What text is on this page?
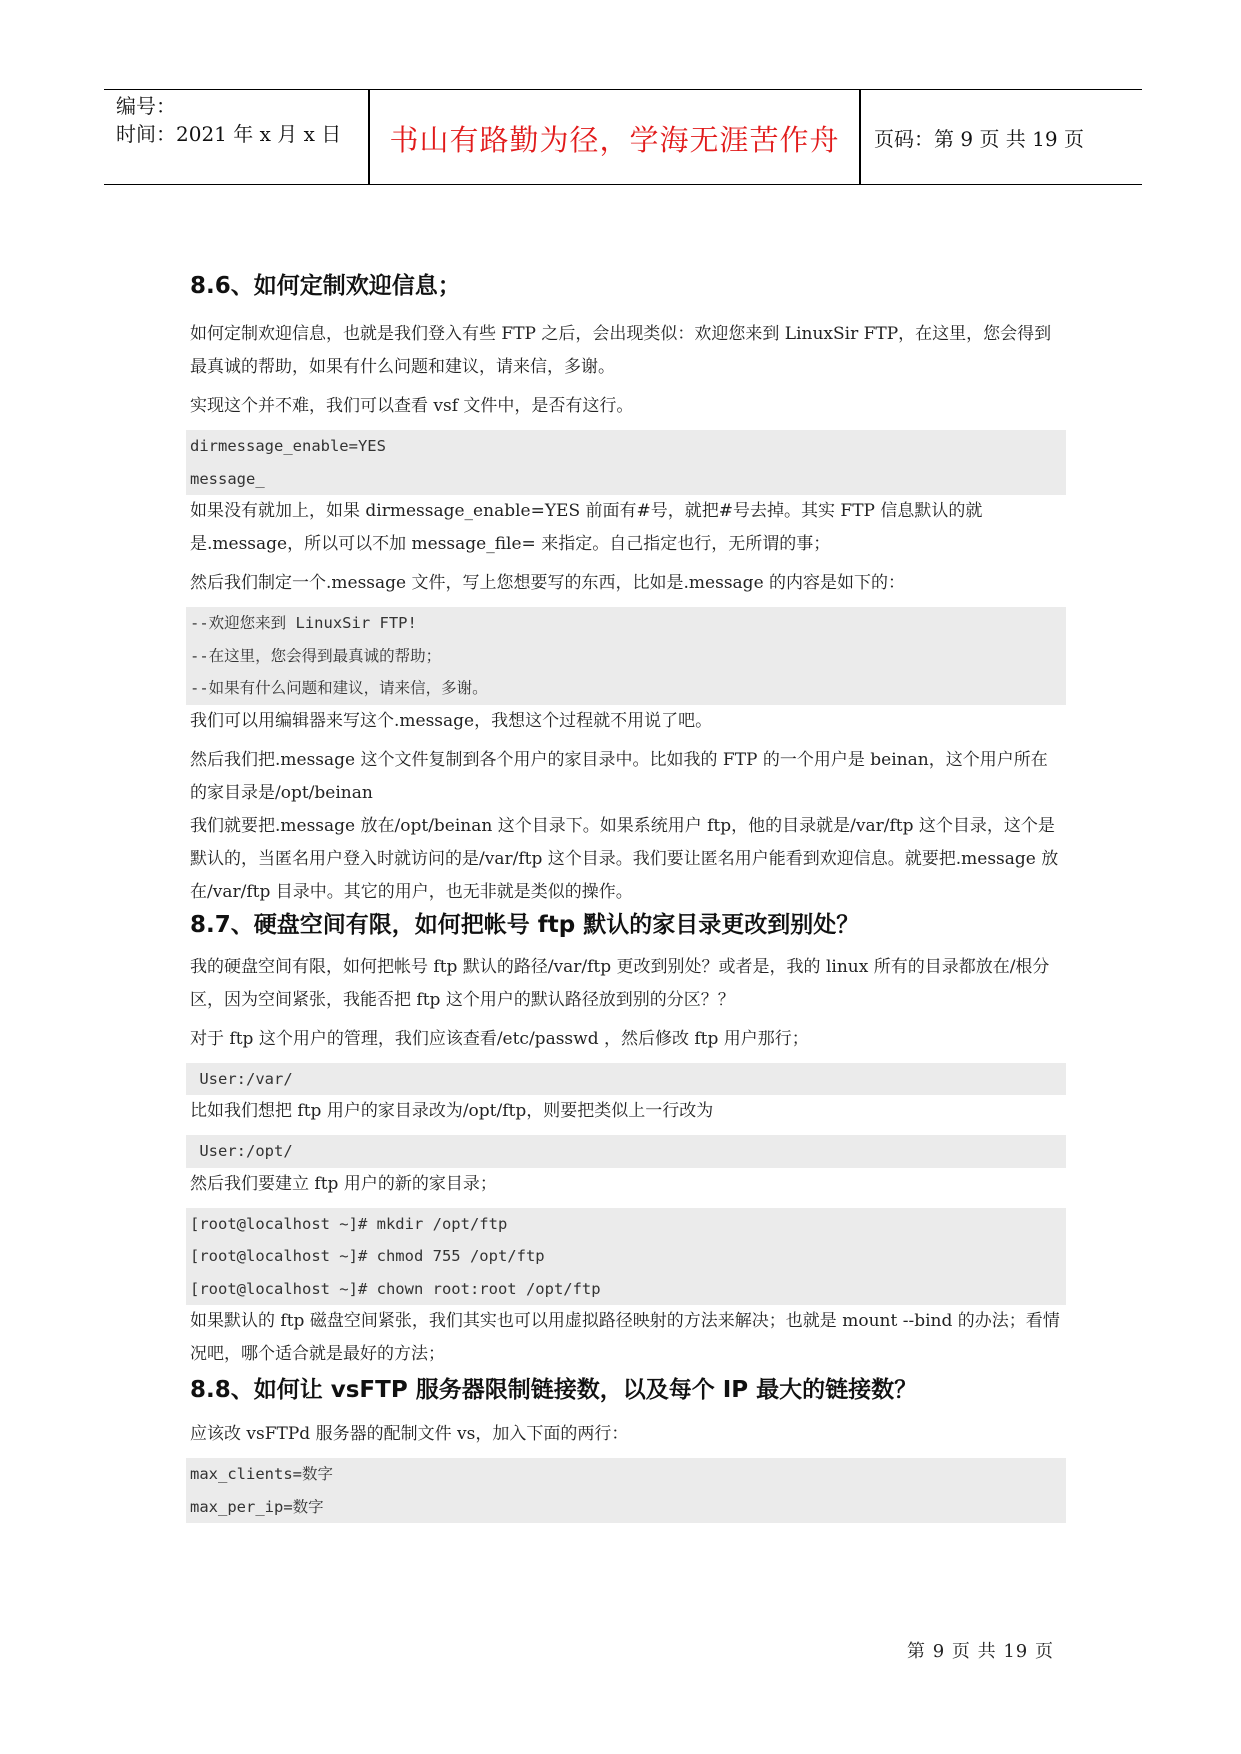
编号：
时间：2021 年 x 月 x 日	书山有路勤为径，学海无涯苦作舟	页码：第 9 页 共 19 页
8.6、如何定制欢迎信息；

如何定制欢迎信息，也就是我们登入有些 FTP 之后，会出现类似：欢迎您来到 LinuxSir FTP，在这里，您会得到最真诚的帮助，如果有什么问题和建议，请来信，多谢。

实现这个并不难，我们可以查看 vsf 文件中，是否有这行。

dirmessage_enable=YES
message_

如果没有就加上，如果 dirmessage_enable=YES 前面有#号，就把#号去掉。其实 FTP 信息默认的就是.message，所以可以不加 message_file= 来指定。自己指定也行，无所谓的事；

然后我们制定一个.message 文件，写上您想要写的东西，比如是.message 的内容是如下的：

--欢迎您来到 LinuxSir FTP!
--在这里，您会得到最真诚的帮助；
--如果有什么问题和建议，请来信，多谢。

我们可以用编辑器来写这个.message，我想这个过程就不用说了吧。

然后我们把.message 这个文件复制到各个用户的家目录中。比如我的 FTP 的一个用户是 beinan，这个用户所在的家目录是/opt/beinan

我们就要把.message 放在/opt/beinan 这个目录下。如果系统用户 ftp，他的目录就是/var/ftp 这个目录，这个是默认的，当匿名用户登入时就访问的是/var/ftp 这个目录。我们要让匿名用户能看到欢迎信息。就要把.message 放在/var/ftp 目录中。其它的用户，也无非就是类似的操作。

8.7、硬盘空间有限，如何把帐号 ftp 默认的家目录更改到别处？

我的硬盘空间有限，如何把帐号 ftp 默认的路径/var/ftp 更改到别处？或者是，我的 linux 所有的目录都放在/根分区，因为空间紧张，我能否把 ftp 这个用户的默认路径放到别的分区？？

对于 ftp 这个用户的管理，我们应该查看/etc/passwd ，然后修改 ftp 用户那行；

User:/var/

比如我们想把 ftp 用户的家目录改为/opt/ftp，则要把类似上一行改为

User:/opt/

然后我们要建立 ftp 用户的新的家目录；

[root@localhost ~]# mkdir /opt/ftp
[root@localhost ~]# chmod 755 /opt/ftp
[root@localhost ~]# chown root:root /opt/ftp

如果默认的 ftp 磁盘空间紧张，我们其实也可以用虚拟路径映射的方法来解决；也就是 mount --bind 的办法；看情况吧，哪个适合就是最好的方法；

8.8、如何让 vsFTP 服务器限制链接数，以及每个 IP 最大的链接数？

应该改 vsFTPd 服务器的配制文件 vs，加入下面的两行：

max_clients=数字
max_per_ip=数字
第 9 页 共 19 页
